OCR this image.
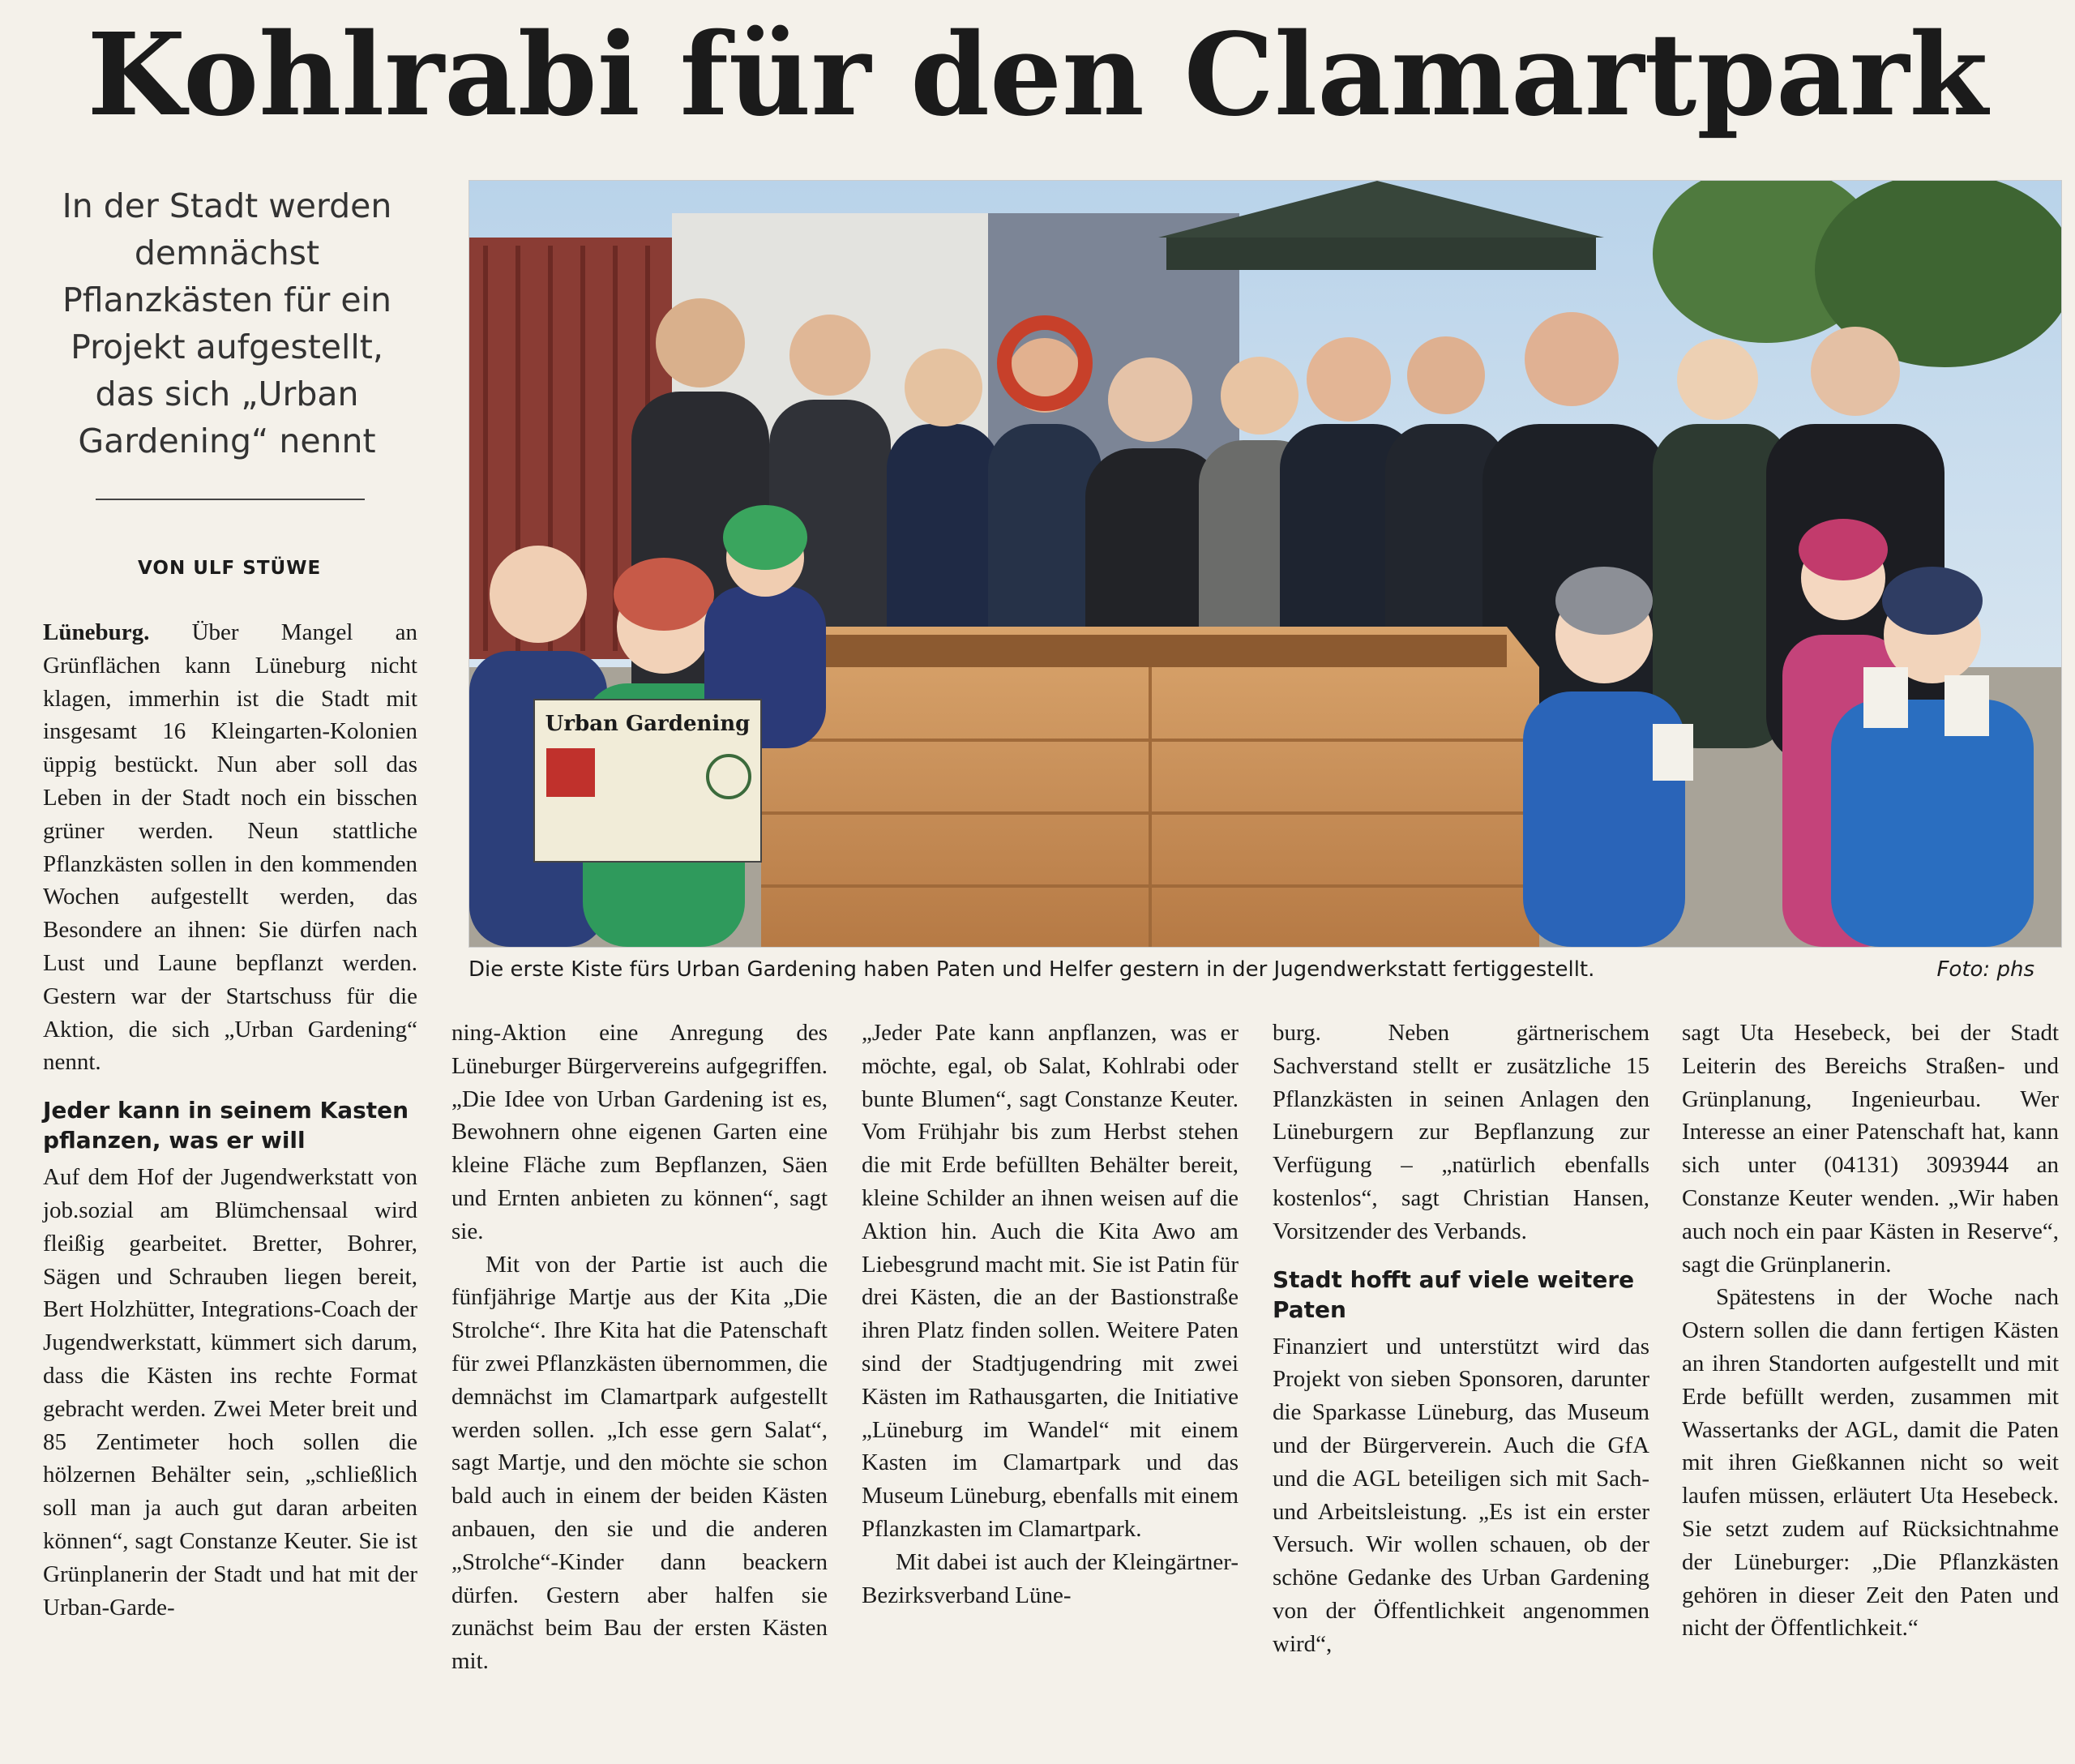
Kohlrabi für den Clamartpark

In der Stadt werden demnächst Pflanzkästen für ein Projekt aufgestellt, das sich „Urban Gardening“ nennt

VON ULF STÜWE
Urban Gardening
Die erste Kiste fürs Urban Gardening haben Paten und Helfer gestern in der Jugendwerkstatt fertiggestellt.	Foto: phs

Lüneburg. Über Mangel an Grünflächen kann Lüneburg nicht klagen, immerhin ist die Stadt mit insgesamt 16 Kleingarten-Kolonien üppig bestückt. Nun aber soll das Leben in der Stadt noch ein bisschen grüner werden. Neun stattliche Pflanzkästen sollen in den kommenden Wochen aufgestellt werden, das Besondere an ihnen: Sie dürfen nach Lust und Laune bepflanzt werden. Gestern war der Startschuss für die Aktion, die sich „Urban Gardening“ nennt.

Jeder kann in seinem Kasten pflanzen, was er will

Auf dem Hof der Jugendwerkstatt von job.sozial am Blümchensaal wird fleißig gearbeitet. Bretter, Bohrer, Sägen und Schrauben liegen bereit, Bert Holzhütter, Integrations-Coach der Jugendwerkstatt, kümmert sich darum, dass die Kästen ins rechte Format gebracht werden. Zwei Meter breit und 85 Zentimeter hoch sollen die hölzernen Behälter sein, „schließlich soll man ja auch gut daran arbeiten können“, sagt Constanze Keuter. Sie ist Grünplanerin der Stadt und hat mit der Urban-Garde-

ning-Aktion eine Anregung des Lüneburger Bürgervereins aufgegriffen. „Die Idee von Urban Gardening ist es, Bewohnern ohne eigenen Garten eine kleine Fläche zum Bepflanzen, Säen und Ernten anbieten zu können“, sagt sie.

Mit von der Partie ist auch die fünfjährige Martje aus der Kita „Die Strolche“. Ihre Kita hat die Patenschaft für zwei Pflanzkästen übernommen, die demnächst im Clamartpark aufgestellt werden sollen. „Ich esse gern Salat“, sagt Martje, und den möchte sie schon bald auch in einem der beiden Kästen anbauen, den sie und die anderen „Strolche“-Kinder dann beackern dürfen. Gestern aber halfen sie zunächst beim Bau der ersten Kästen mit.

„Jeder Pate kann anpflanzen, was er möchte, egal, ob Salat, Kohlrabi oder bunte Blumen“, sagt Constanze Keuter. Vom Frühjahr bis zum Herbst stehen die mit Erde befüllten Behälter bereit, kleine Schilder an ihnen weisen auf die Aktion hin. Auch die Kita Awo am Liebesgrund macht mit. Sie ist Patin für drei Kästen, die an der Bastionstraße ihren Platz finden sollen. Weitere Paten sind der Stadtjugendring mit zwei Kästen im Rathausgarten, die Initiative „Lüneburg im Wandel“ mit einem Kasten im Clamartpark und das Museum Lüneburg, ebenfalls mit einem Pflanzkasten im Clamartpark.

Mit dabei ist auch der Kleingärtner-Bezirksverband Lüne-

burg. Neben gärtnerischem Sachverstand stellt er zusätzliche 15 Pflanzkästen in seinen Anlagen den Lüneburgern zur Bepflanzung zur Verfügung – „natürlich ebenfalls kostenlos“, sagt Christian Hansen, Vorsitzender des Verbands.

Stadt hofft auf viele weitere Paten

Finanziert und unterstützt wird das Projekt von sieben Sponsoren, darunter die Sparkasse Lüneburg, das Museum und der Bürgerverein. Auch die GfA und die AGL beteiligen sich mit Sach- und Arbeitsleistung. „Es ist ein erster Versuch. Wir wollen schauen, ob der schöne Gedanke des Urban Gardening von der Öffentlichkeit angenommen wird“,

sagt Uta Hesebeck, bei der Stadt Leiterin des Bereichs Straßen- und Grünplanung, Ingenieurbau. Wer Interesse an einer Patenschaft hat, kann sich unter (04131) 3093944 an Constanze Keuter wenden. „Wir haben auch noch ein paar Kästen in Reserve“, sagt die Grünplanerin.

Spätestens in der Woche nach Ostern sollen die dann fertigen Kästen an ihren Standorten aufgestellt und mit Erde befüllt werden, zusammen mit Wassertanks der AGL, damit die Paten mit ihren Gießkannen nicht so weit laufen müssen, erläutert Uta Hesebeck. Sie setzt zudem auf Rücksichtnahme der Lüneburger: „Die Pflanzkästen gehören in dieser Zeit den Paten und nicht der Öffentlichkeit.“
